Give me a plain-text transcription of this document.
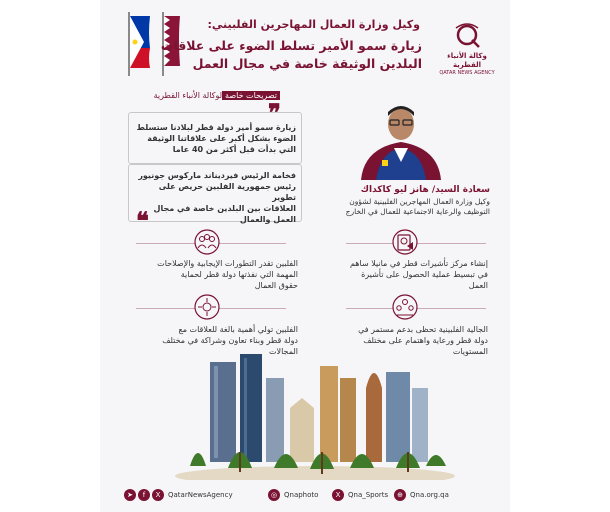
وكالة الأنباء القطرية
QATAR NEWS AGENCY
وكيل وزارة العمال المهاجرين الفلبيني:
زيارة سمو الأمير تسلط الضوء على علاقات
البلدين الوثيقة خاصة في مجال العمل
تصريحات خاصةلوكالة الأنباء القطرية
❞
زيارة سمو أمير دولة قطر لبلادنا ستسلط
الضوء بشكل أكبر على علاقاتنا الوثيقة
التي بدأت قبل أكثر من 40 عاما
فخامة الرئيس فيرديناند ماركوس جونيور
رئيس جمهورية الفلبين حريص على تطوير
العلاقات بين البلدين خاصة في مجال
العمل والعمال
❝
سعادة السيد/ هانز ليو كاكداك
وكيل وزارة العمال المهاجرين الفلبينية لشؤون
التوظيف والرعاية الاجتماعية للعمال في الخارج
إنشاء مركز تأشيرات قطر في مانيلا ساهم
في تبسيط عملية الحصول على تأشيرة
العمل
الفلبين تقدر التطورات الإيجابية والإصلاحات
المهمة التي نفذتها دولة قطر لحماية
حقوق العمال
الجالية الفلبينية تحظى بدعم مستمر في
دولة قطر ورعاية واهتمام على مختلف
المستويات
الفلبين تولي أهمية بالغة للعلاقات مع
دولة قطر وبناء تعاون وشراكة في مختلف
المجالات
➤	f	X	QatarNewsAgency	◎ Qnaphoto	X	Qna_Sports	⊕	Qna.org.qa
